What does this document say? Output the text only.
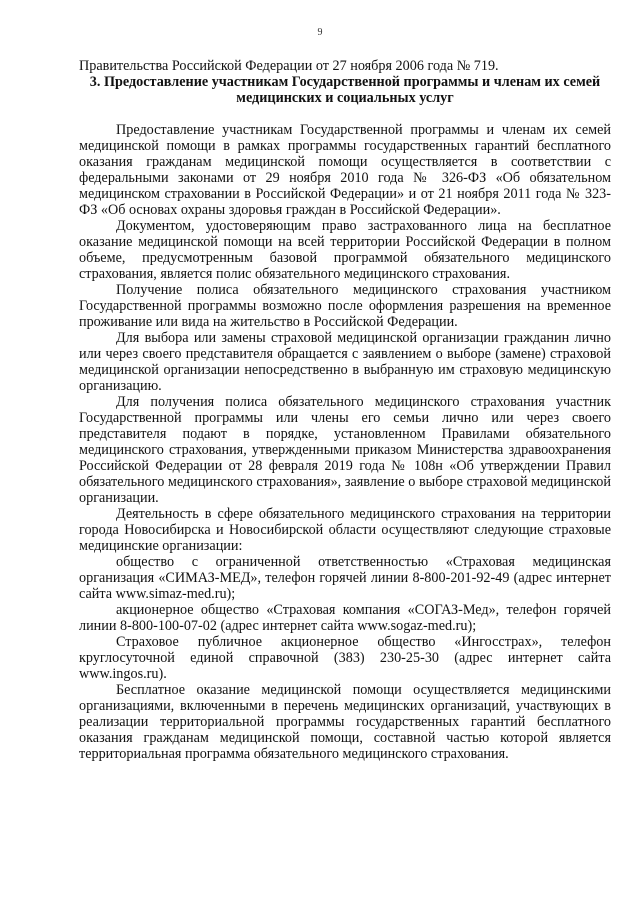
9

Правительства Российской Федерации от 27 ноября 2006 года № 719.

3. Предоставление участникам Государственной программы и членам их семей медицинских и социальных услуг

Предоставление участникам Государственной программы и членам их семей медицинской помощи в рамках программы государственных гарантий бесплатного оказания гражданам медицинской помощи осуществляется в соответствии с федеральными законами от 29 ноября 2010 года № 326-ФЗ «Об обязательном медицинском страховании в Российской Федерации» и от 21 ноября 2011 года № 323-ФЗ «Об основах охраны здоровья граждан в Российской Федерации».

Документом, удостоверяющим право застрахованного лица на бесплатное оказание медицинской помощи на всей территории Российской Федерации в полном объеме, предусмотренным базовой программой обязательного медицинского страхования, является полис обязательного медицинского страхования.

Получение полиса обязательного медицинского страхования участником Государственной программы возможно после оформления разрешения на временное проживание или вида на жительство в Российской Федерации.

Для выбора или замены страховой медицинской организации гражданин лично или через своего представителя обращается с заявлением о выборе (замене) страховой медицинской организации непосредственно в выбранную им страховую медицинскую организацию.

Для получения полиса обязательного медицинского страхования участник Государственной программы или члены его семьи лично или через своего представителя подают в порядке, установленном Правилами обязательного медицинского страхования, утвержденными приказом Министерства здравоохранения Российской Федерации от 28 февраля 2019 года № 108н «Об утверждении Правил обязательного медицинского страхования», заявление о выборе страховой медицинской организации.

Деятельность в сфере обязательного медицинского страхования на территории города Новосибирска и Новосибирской области осуществляют следующие страховые медицинские организации:

общество с ограниченной ответственностью «Страховая медицинская организация «СИМАЗ-МЕД», телефон горячей линии 8-800-201-92-49 (адрес интернет сайта www.simaz-med.ru);

акционерное общество «Страховая компания «СОГАЗ-Мед», телефон горячей линии 8-800-100-07-02 (адрес интернет сайта www.sogaz-med.ru);

Страховое публичное акционерное общество «Ингосстрах», телефон круглосуточной единой справочной (383) 230-25-30 (адрес интернет сайта www.ingos.ru).

Бесплатное оказание медицинской помощи осуществляется медицинскими организациями, включенными в перечень медицинских организаций, участвующих в реализации территориальной программы государственных гарантий бесплатного оказания гражданам медицинской помощи, составной частью которой является территориальная программа обязательного медицинского страхования.
